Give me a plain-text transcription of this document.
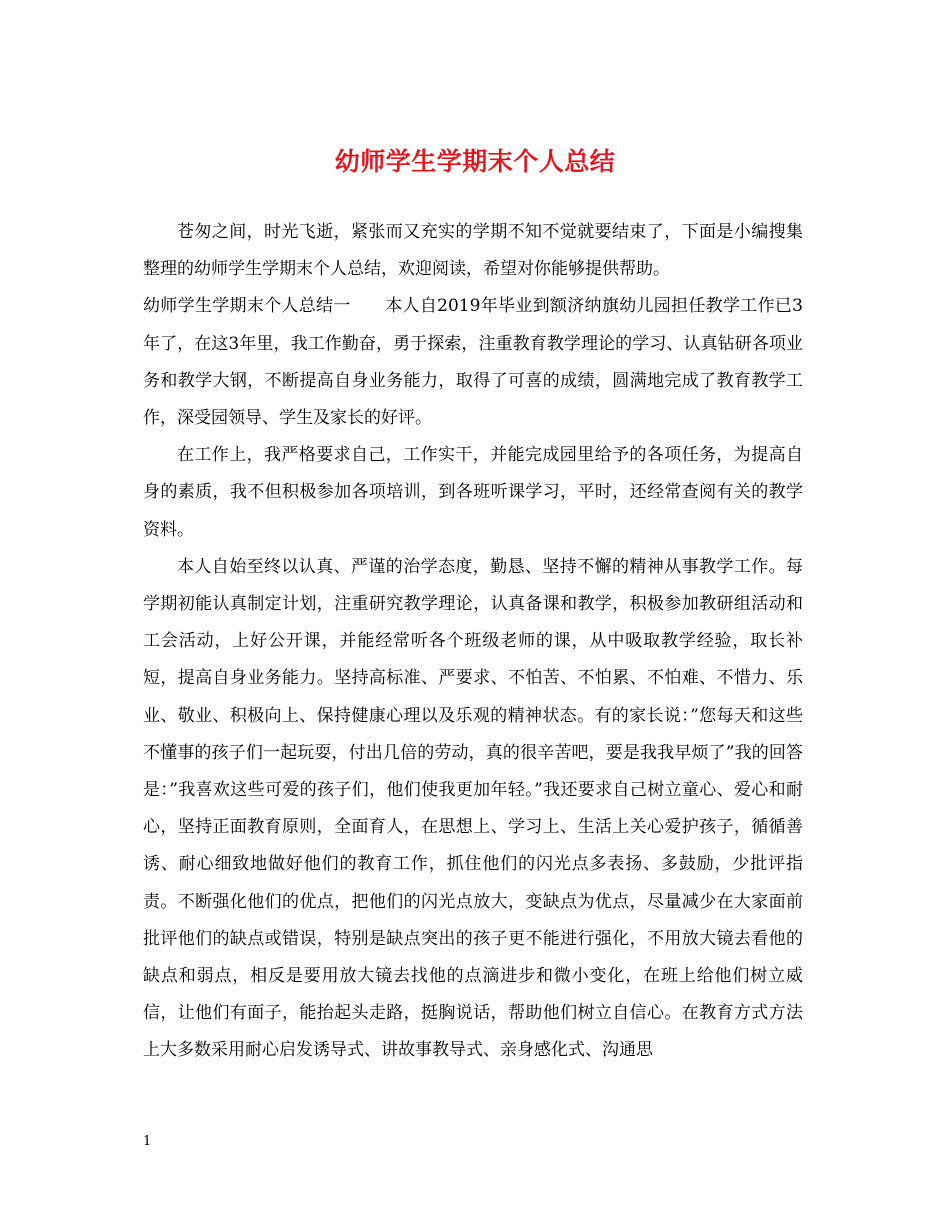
幼师学生学期末个人总结

苍匆之间，时光飞逝，紧张而又充实的学期不知不觉就要结束了，下面是小编搜集整理的幼师学生学期末个人总结，欢迎阅读，希望对你能够提供帮助。

幼师学生学期末个人总结一　　本人自2019年毕业到额济纳旗幼儿园担任教学工作已3年了，在这3年里，我工作勤奋，勇于探索，注重教育教学理论的学习、认真钻研各项业务和教学大钢，不断提高自身业务能力，取得了可喜的成绩，圆满地完成了教育教学工作，深受园领导、学生及家长的好评。

在工作上，我严格要求自己，工作实干，并能完成园里给予的各项任务，为提高自身的素质，我不但积极参加各项培训，到各班听课学习，平时，还经常查阅有关的教学资料。

本人自始至终以认真、严谨的治学态度，勤恳、坚持不懈的精神从事教学工作。每学期初能认真制定计划，注重研究教学理论，认真备课和教学，积极参加教研组活动和工会活动，上好公开课，并能经常听各个班级老师的课，从中吸取教学经验，取长补短，提高自身业务能力。坚持高标准、严要求、不怕苦、不怕累、不怕难、不惜力、乐业、敬业、积极向上、保持健康心理以及乐观的精神状态。有的家长说：”您每天和这些不懂事的孩子们一起玩耍，付出几倍的劳动，真的很辛苦吧，要是我我早烦了”我的回答是：”我喜欢这些可爱的孩子们，他们使我更加年轻。”我还要求自己树立童心、爱心和耐心，坚持正面教育原则，全面育人，在思想上、学习上、生活上关心爱护孩子，循循善诱、耐心细致地做好他们的教育工作，抓住他们的闪光点多表扬、多鼓励，少批评指责。不断强化他们的优点，把他们的闪光点放大，变缺点为优点，尽量减少在大家面前批评他们的缺点或错误，特别是缺点突出的孩子更不能进行强化，不用放大镜去看他的缺点和弱点，相反是要用放大镜去找他的点滴进步和微小变化，在班上给他们树立威信，让他们有面子，能抬起头走路，挺胸说话，帮助他们树立自信心。在教育方式方法上大多数采用耐心启发诱导式、讲故事教导式、亲身感化式、沟通思

1
